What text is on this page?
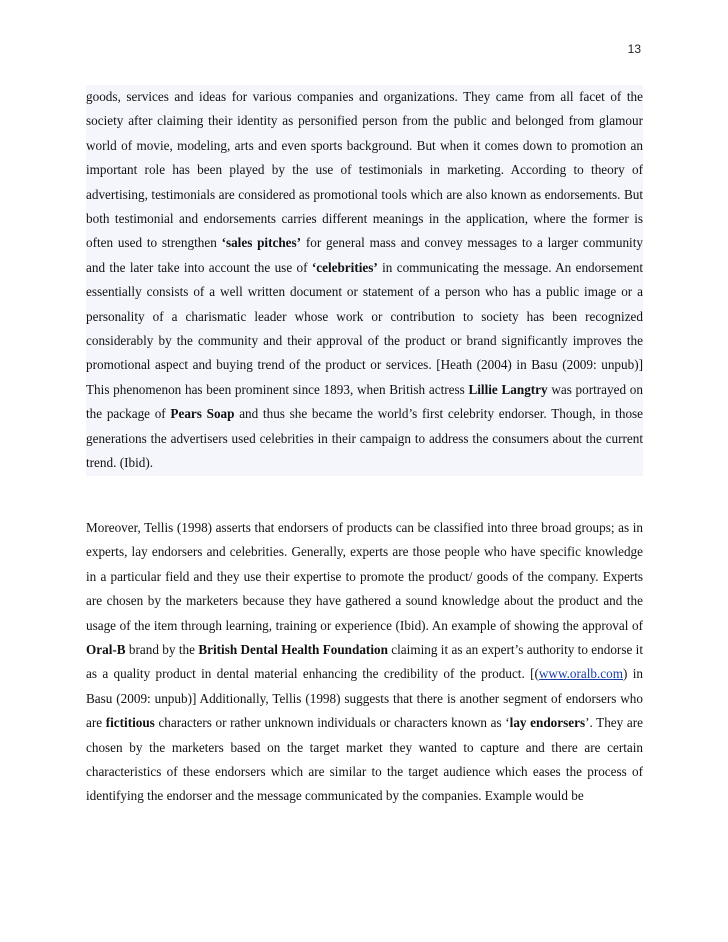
13

goods, services and ideas for various companies and organizations. They came from all facet of the society after claiming their identity as personified person from the public and belonged from glamour world of movie, modeling, arts and even sports background. But when it comes down to promotion an important role has been played by the use of testimonials in marketing. According to theory of advertising, testimonials are considered as promotional tools which are also known as endorsements. But both testimonial and endorsements carries different meanings in the application, where the former is often used to strengthen ‘sales pitches’ for general mass and convey messages to a larger community and the later take into account the use of ‘celebrities’ in communicating the message. An endorsement essentially consists of a well written document or statement of a person who has a public image or a personality of a charismatic leader whose work or contribution to society has been recognized considerably by the community and their approval of the product or brand significantly improves the promotional aspect and buying trend of the product or services. [Heath (2004) in Basu (2009: unpub)] This phenomenon has been prominent since 1893, when British actress Lillie Langtry was portrayed on the package of Pears Soap and thus she became the world’s first celebrity endorser. Though, in those generations the advertisers used celebrities in their campaign to address the consumers about the current trend. (Ibid).

Moreover, Tellis (1998) asserts that endorsers of products can be classified into three broad groups; as in experts, lay endorsers and celebrities. Generally, experts are those people who have specific knowledge in a particular field and they use their expertise to promote the product/ goods of the company. Experts are chosen by the marketers because they have gathered a sound knowledge about the product and the usage of the item through learning, training or experience (Ibid). An example of showing the approval of Oral-B brand by the British Dental Health Foundation claiming it as an expert’s authority to endorse it as a quality product in dental material enhancing the credibility of the product. [(www.oralb.com) in Basu (2009: unpub)] Additionally, Tellis (1998) suggests that there is another segment of endorsers who are fictitious characters or rather unknown individuals or characters known as ‘lay endorsers’. They are chosen by the marketers based on the target market they wanted to capture and there are certain characteristics of these endorsers which are similar to the target audience which eases the process of identifying the endorser and the message communicated by the companies. Example would be
